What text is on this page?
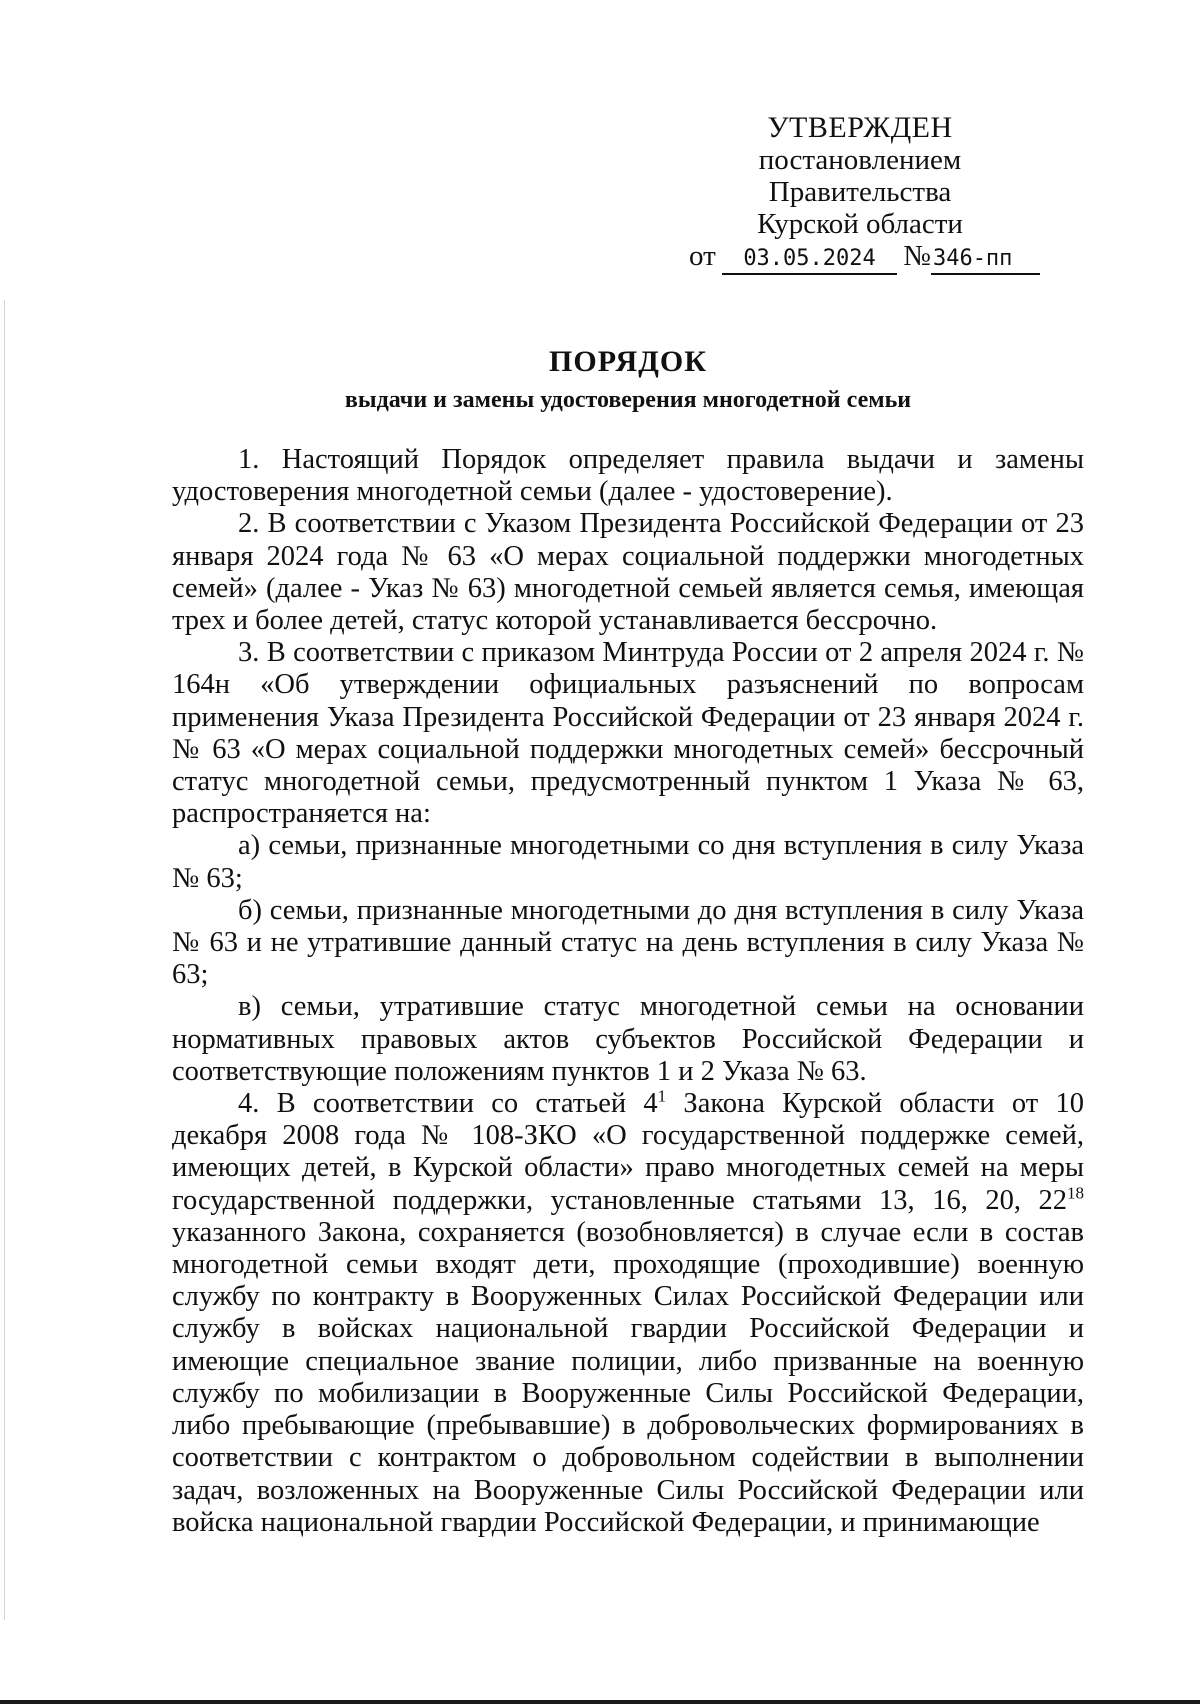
УТВЕРЖДЕН
постановлением Правительства
Курской области
от	03.05.2024 № 346-пп
ПОРЯДОК
выдачи и замены удостоверения многодетной семьи

1. Настоящий Порядок определяет правила выдачи и замены удостоверения многодетной семьи (далее - удостоверение).

2. В соответствии с Указом Президента Российской Федерации от 23 января 2024 года № 63 «О мерах социальной поддержки многодетных семей» (далее - Указ № 63) многодетной семьей является семья, имеющая трех и более детей, статус которой устанавливается бессрочно.

3. В соответствии с приказом Минтруда России от 2 апреля 2024 г. № 164н «Об утверждении официальных разъяснений по вопросам применения Указа Президента Российской Федерации от 23 января 2024 г. № 63 «О мерах социальной поддержки многодетных семей» бессрочный статус многодетной семьи, предусмотренный пунктом 1 Указа № 63, распространяется на:

а) семьи, признанные многодетными со дня вступления в силу Указа № 63;

б) семьи, признанные многодетными до дня вступления в силу Указа № 63 и не утратившие данный статус на день вступления в силу Указа № 63;

в) семьи, утратившие статус многодетной семьи на основании нормативных правовых актов субъектов Российской Федерации и соответствующие положениям пунктов 1 и 2 Указа № 63.

4. В соответствии со статьей $4^1$ Закона Курской области от 10 декабря 2008 года № 108-ЗКО «О государственной поддержке семей, имеющих детей, в Курской области» право многодетных семей на меры государственной поддержки, установленные статьями 13, 16, 20, $22^{18}$ указанного Закона, сохраняется (возобновляется) в случае если в состав многодетной семьи входят дети, проходящие (проходившие) военную службу по контракту в Вооруженных Силах Российской Федерации или службу в войсках национальной гвардии Российской Федерации и имеющие специальное звание полиции, либо призванные на военную службу по мобилизации в Вооруженные Силы Российской Федерации, либо пребывающие (пребывавшие) в добровольческих формированиях в соответствии с контрактом о добровольном содействии в выполнении задач, возложенных на Вооруженные Силы Российской Федерации или войска национальной гвардии Российской Федерации, и принимающие
